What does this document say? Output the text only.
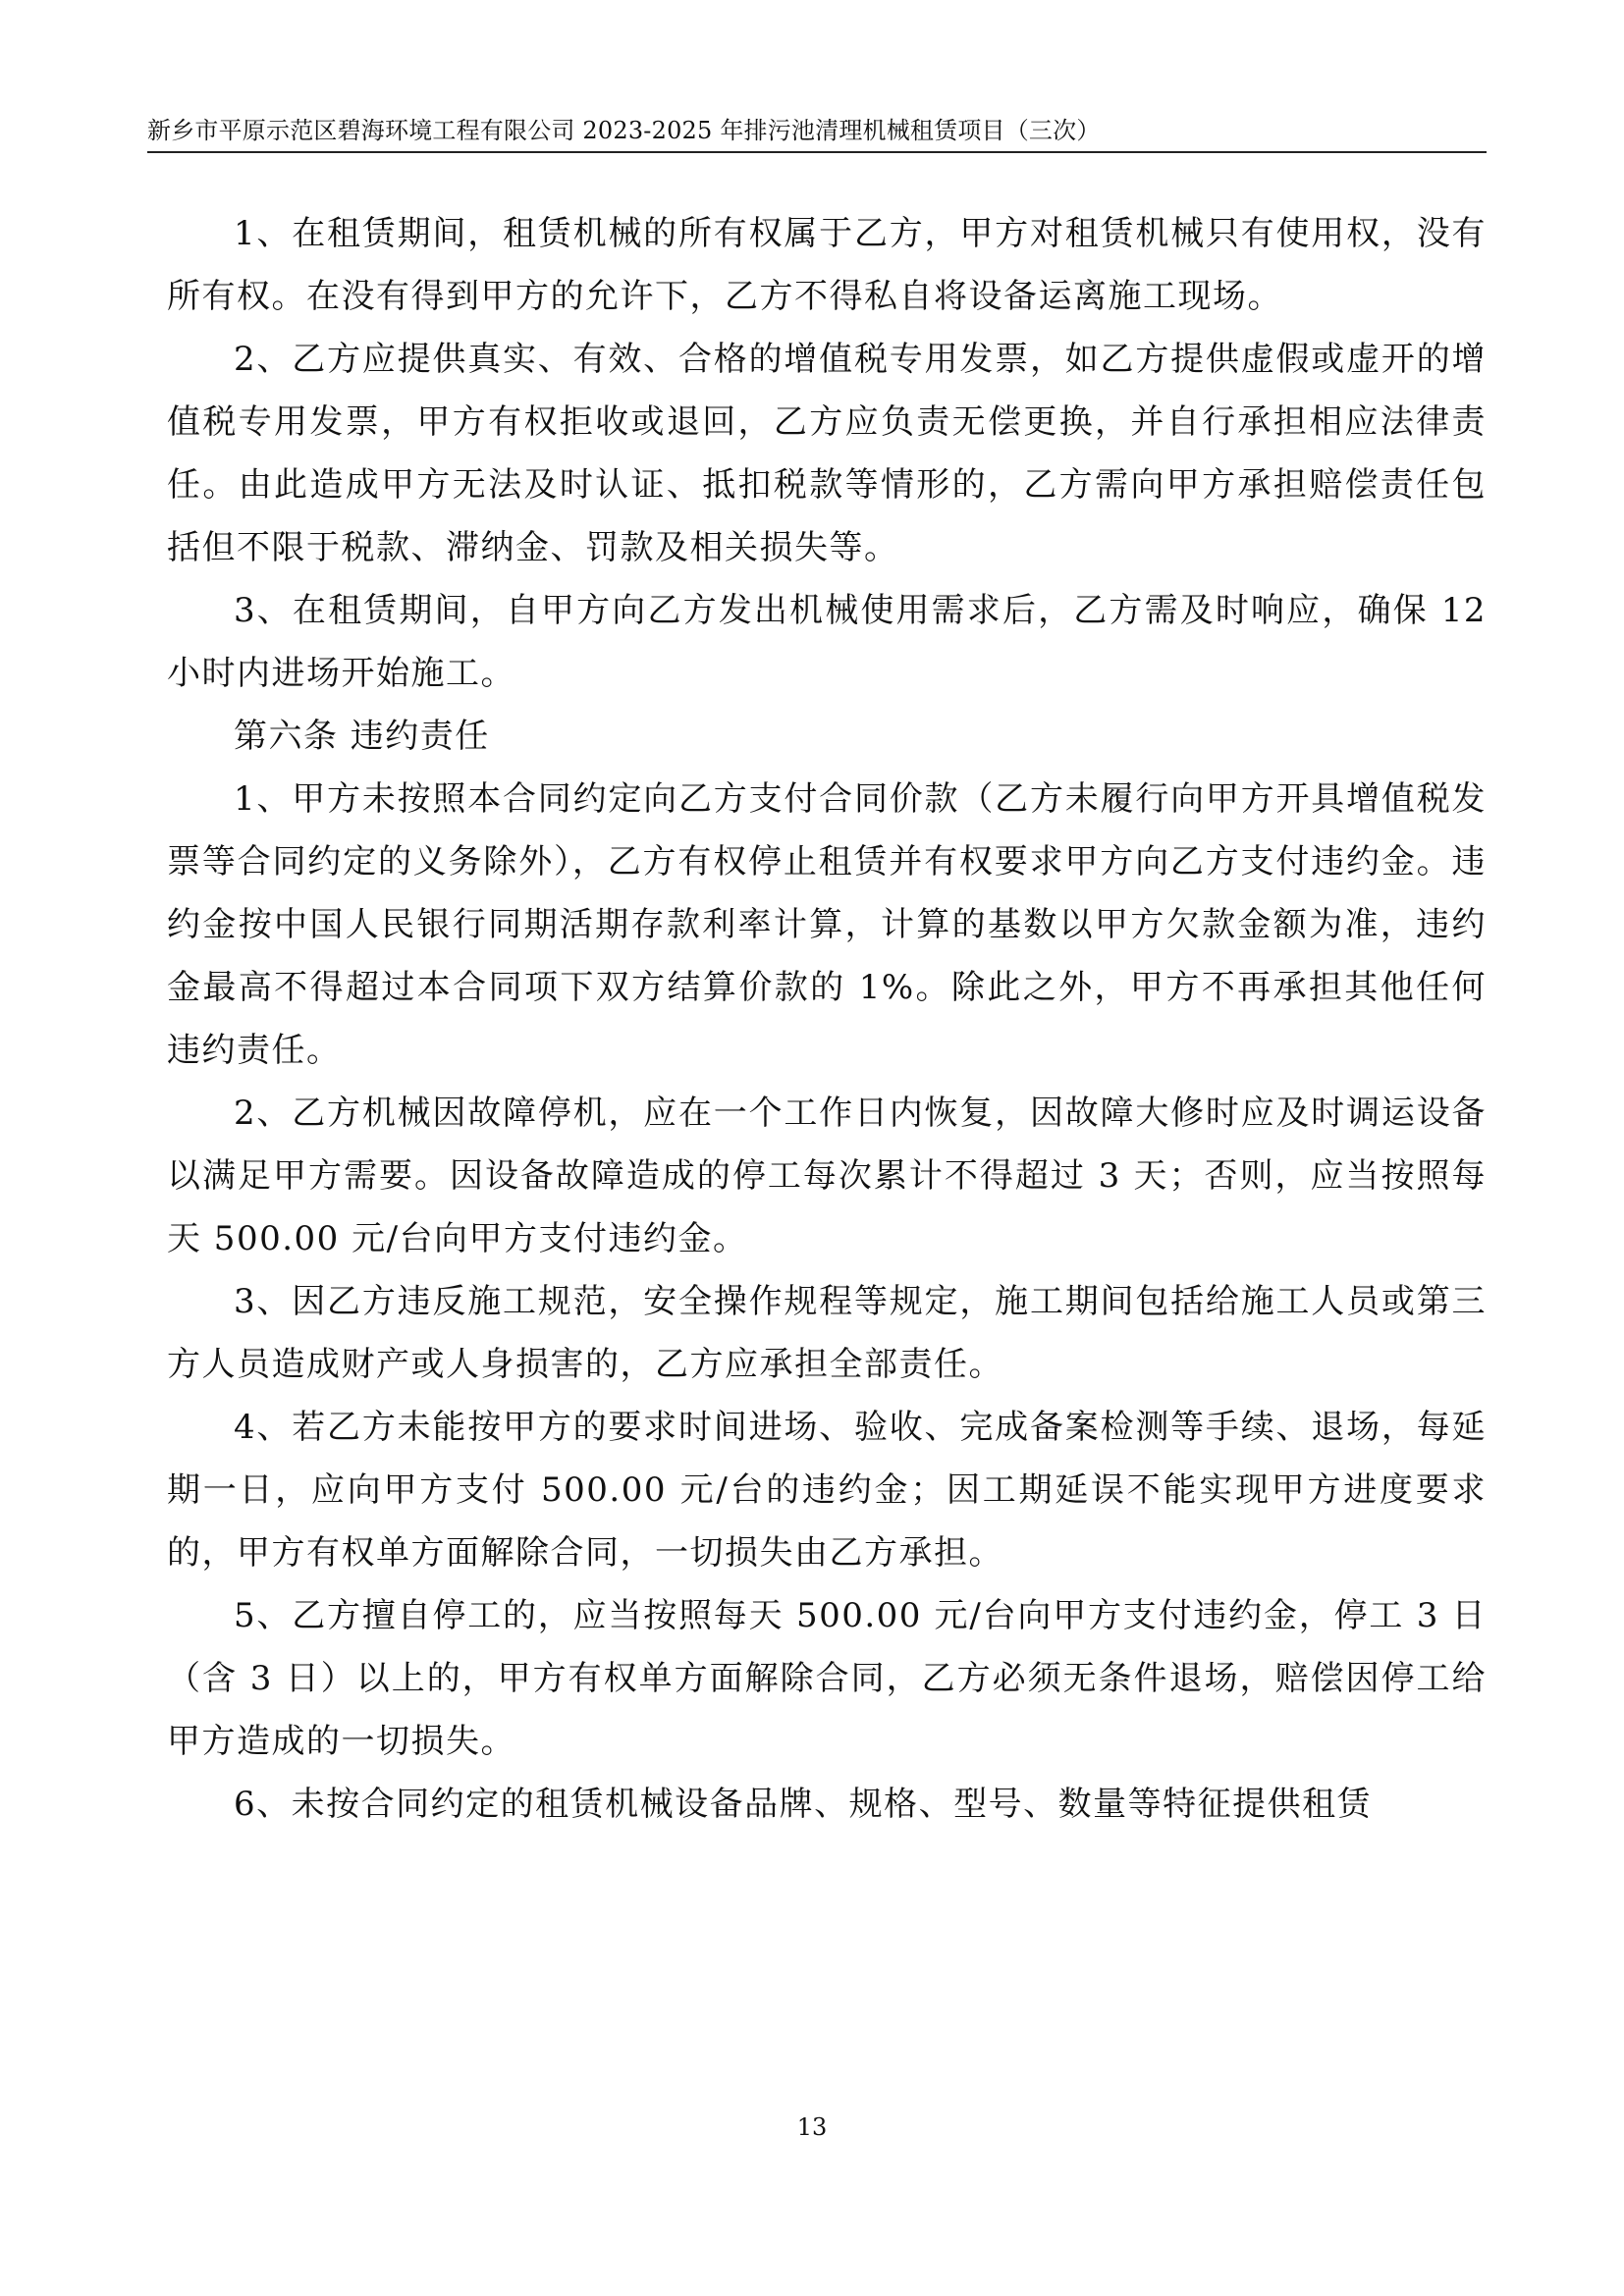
新乡市平原示范区碧海环境工程有限公司 2023-2025 年排污池清理机械租赁项目（三次）

1、在租赁期间，租赁机械的所有权属于乙方，甲方对租赁机械只有使用权，没有所有权。在没有得到甲方的允许下，乙方不得私自将设备运离施工现场。

2、乙方应提供真实、有效、合格的增值税专用发票，如乙方提供虚假或虚开的增值税专用发票，甲方有权拒收或退回，乙方应负责无偿更换，并自行承担相应法律责任。由此造成甲方无法及时认证、抵扣税款等情形的，乙方需向甲方承担赔偿责任包括但不限于税款、滞纳金、罚款及相关损失等。

3、在租赁期间，自甲方向乙方发出机械使用需求后，乙方需及时响应，确保 12 小时内进场开始施工。

第六条 违约责任

1、甲方未按照本合同约定向乙方支付合同价款（乙方未履行向甲方开具增值税发票等合同约定的义务除外），乙方有权停止租赁并有权要求甲方向乙方支付违约金。违约金按中国人民银行同期活期存款利率计算，计算的基数以甲方欠款金额为准，违约金最高不得超过本合同项下双方结算价款的 1%。除此之外，甲方不再承担其他任何违约责任。

2、乙方机械因故障停机，应在一个工作日内恢复，因故障大修时应及时调运设备以满足甲方需要。因设备故障造成的停工每次累计不得超过 3 天；否则，应当按照每天 500.00 元/台向甲方支付违约金。

3、因乙方违反施工规范，安全操作规程等规定，施工期间包括给施工人员或第三方人员造成财产或人身损害的，乙方应承担全部责任。

4、若乙方未能按甲方的要求时间进场、验收、完成备案检测等手续、退场，每延期一日，应向甲方支付 500.00 元/台的违约金；因工期延误不能实现甲方进度要求的，甲方有权单方面解除合同，一切损失由乙方承担。

5、乙方擅自停工的，应当按照每天 500.00 元/台向甲方支付违约金，停工 3 日（含 3 日）以上的，甲方有权单方面解除合同，乙方必须无条件退场，赔偿因停工给甲方造成的一切损失。

6、未按合同约定的租赁机械设备品牌、规格、型号、数量等特征提供租赁

13
